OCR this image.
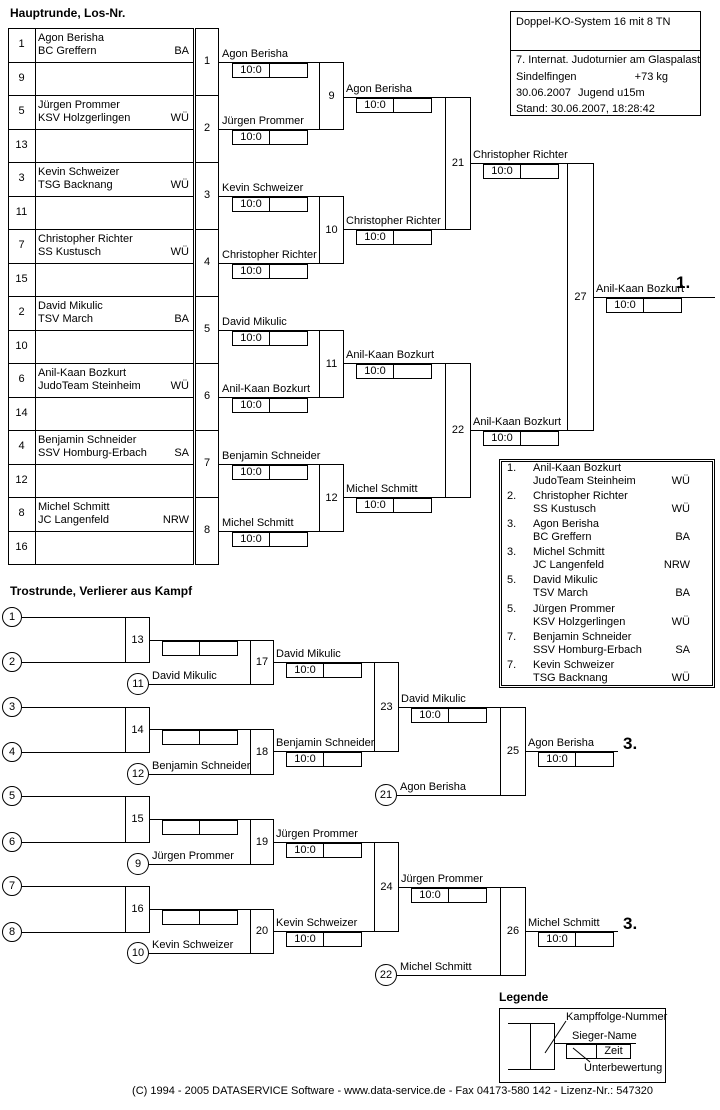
Hauptrunde, Los-Nr.
Trostrunde, Verlierer aus Kampf
Doppel-KO-System 16 mit 8 TN
7. Internat. Judoturnier am Glaspalast
Sindelfingen	+73 kg
30.06.2007 Jugend u15m
Stand: 30.06.2007, 18:28:42
Legende
(C) 1994 - 2005 DATASERVICE Software - www.data-service.de - Fax 04173-580 142 - Lizenz-Nr.: 547320
1
9
Agon Berisha
BC Greffern	BA
1
5
13
Jürgen Prommer
KSV Holzgerlingen	WÜ
2
3
11
Kevin Schweizer
TSG Backnang	WÜ
3
7
15
Christopher Richter
SS Kustusch	WÜ
4
2
10
David Mikulic
TSV March	BA
5
6
14
Anil-Kaan Bozkurt
JudoTeam Steinheim	WÜ
6
4
12
Benjamin Schneider
SSV Homburg-Erbach	SA
7
8
16
Michel Schmitt
JC Langenfeld	NRW
8
Agon Berisha
10:0
Jürgen Prommer
10:0
Kevin Schweizer
10:0
Christopher Richter
10:0
David Mikulic
10:0
Anil-Kaan Bozkurt
10:0
Benjamin Schneider
10:0
Michel Schmitt
10:0
9
10
11
12
Agon Berisha
10:0
Christopher Richter
10:0
Anil-Kaan Bozkurt
10:0
Michel Schmitt
10:0
21
22
Christopher Richter
10:0
Anil-Kaan Bozkurt
10:0
27
Anil-Kaan Bozkurt
10:0
1.
1
2
3
4
5
6
7
8
13
14
15
16
11
David Mikulic
12
Benjamin Schneider
9
Jürgen Prommer
10
Kevin Schweizer
17
18
19
20
David Mikulic
10:0
Benjamin Schneider
10:0
Jürgen Prommer
10:0
Kevin Schweizer
10:0
23
24
David Mikulic
10:0
Jürgen Prommer
10:0
21
Agon Berisha
22
Michel Schmitt
25
26
Agon Berisha
10:0
3.
Michel Schmitt
10:0
3.
1.	Anil-Kaan Bozkurt
JudoTeam Steinheim	WÜ
2.	Christopher Richter
SS Kustusch	WÜ
3.	Agon Berisha
BC Greffern	BA
3.	Michel Schmitt
JC Langenfeld	NRW
5.	David Mikulic
TSV March	BA
5.	Jürgen Prommer
KSV Holzgerlingen	WÜ
7.	Benjamin Schneider
SSV Homburg-Erbach	SA
7.	Kevin Schweizer
TSG Backnang	WÜ
Zeit
Kampffolge-Nummer
Sieger-Name
Unterbewertung
